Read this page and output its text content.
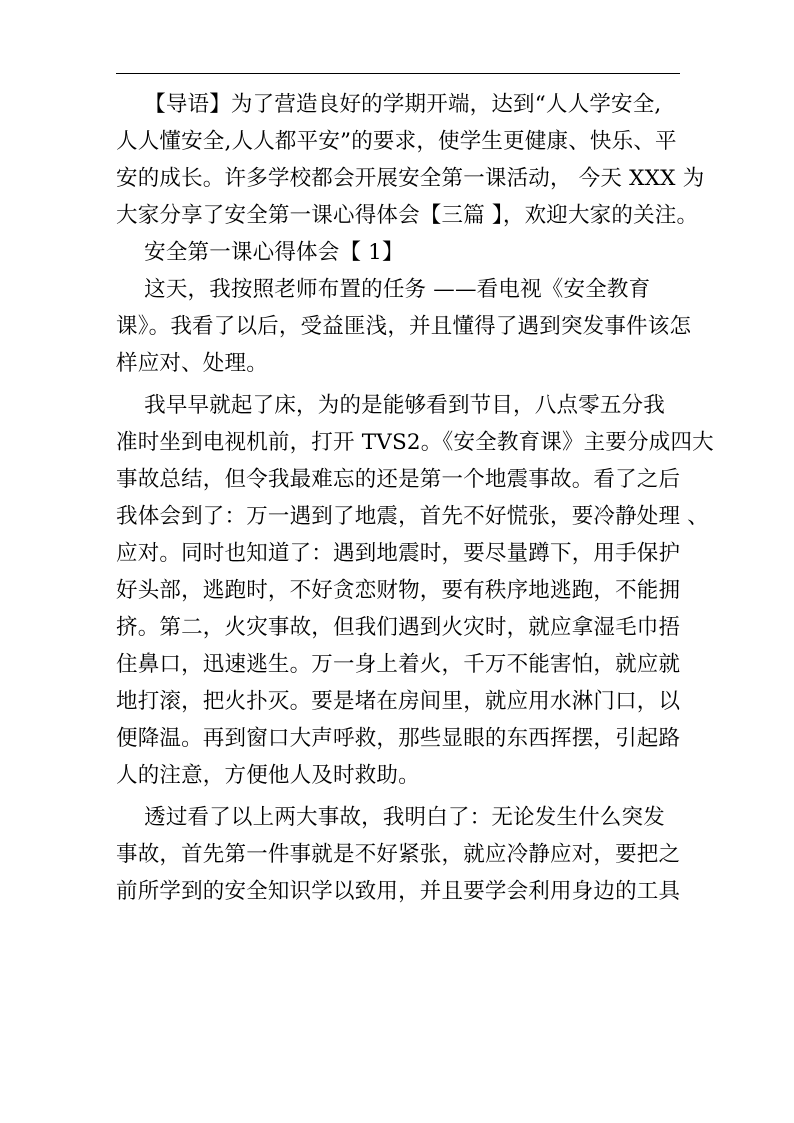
【导语】为了营造良好的学期开端，达到“人人学安全,
人人懂安全,人人都平安”的要求，使学生更健康、快乐、平
安的成长。许多学校都会开展安全第一课活动， 今天 XXX 为
大家分享了安全第一课心得体会【三篇 】，欢迎大家的关注。
安全第一课心得体会【 1】
这天，我按照老师布置的任务 ——看电视《安全教育
课》。我看了以后，受益匪浅，并且懂得了遇到突发事件该怎
样应对、处理。
我早早就起了床，为的是能够看到节目，八点零五分我
准时坐到电视机前，打开 TVS2。《安全教育课》主要分成四大
事故总结，但令我最难忘的还是第一个地震事故。看了之后
我体会到了：万一遇到了地震，首先不好慌张，要冷静处理 、
应对。同时也知道了：遇到地震时，要尽量蹲下，用手保护
好头部，逃跑时，不好贪恋财物，要有秩序地逃跑，不能拥
挤。第二，火灾事故，但我们遇到火灾时，就应拿湿毛巾捂
住鼻口，迅速逃生。万一身上着火，千万不能害怕，就应就
地打滚，把火扑灭。要是堵在房间里，就应用水淋门口，以
便降温。再到窗口大声呼救，那些显眼的东西挥摆，引起路
人的注意，方便他人及时救助。
透过看了以上两大事故，我明白了：无论发生什么突发
事故，首先第一件事就是不好紧张，就应冷静应对，要把之
前所学到的安全知识学以致用，并且要学会利用身边的工具
